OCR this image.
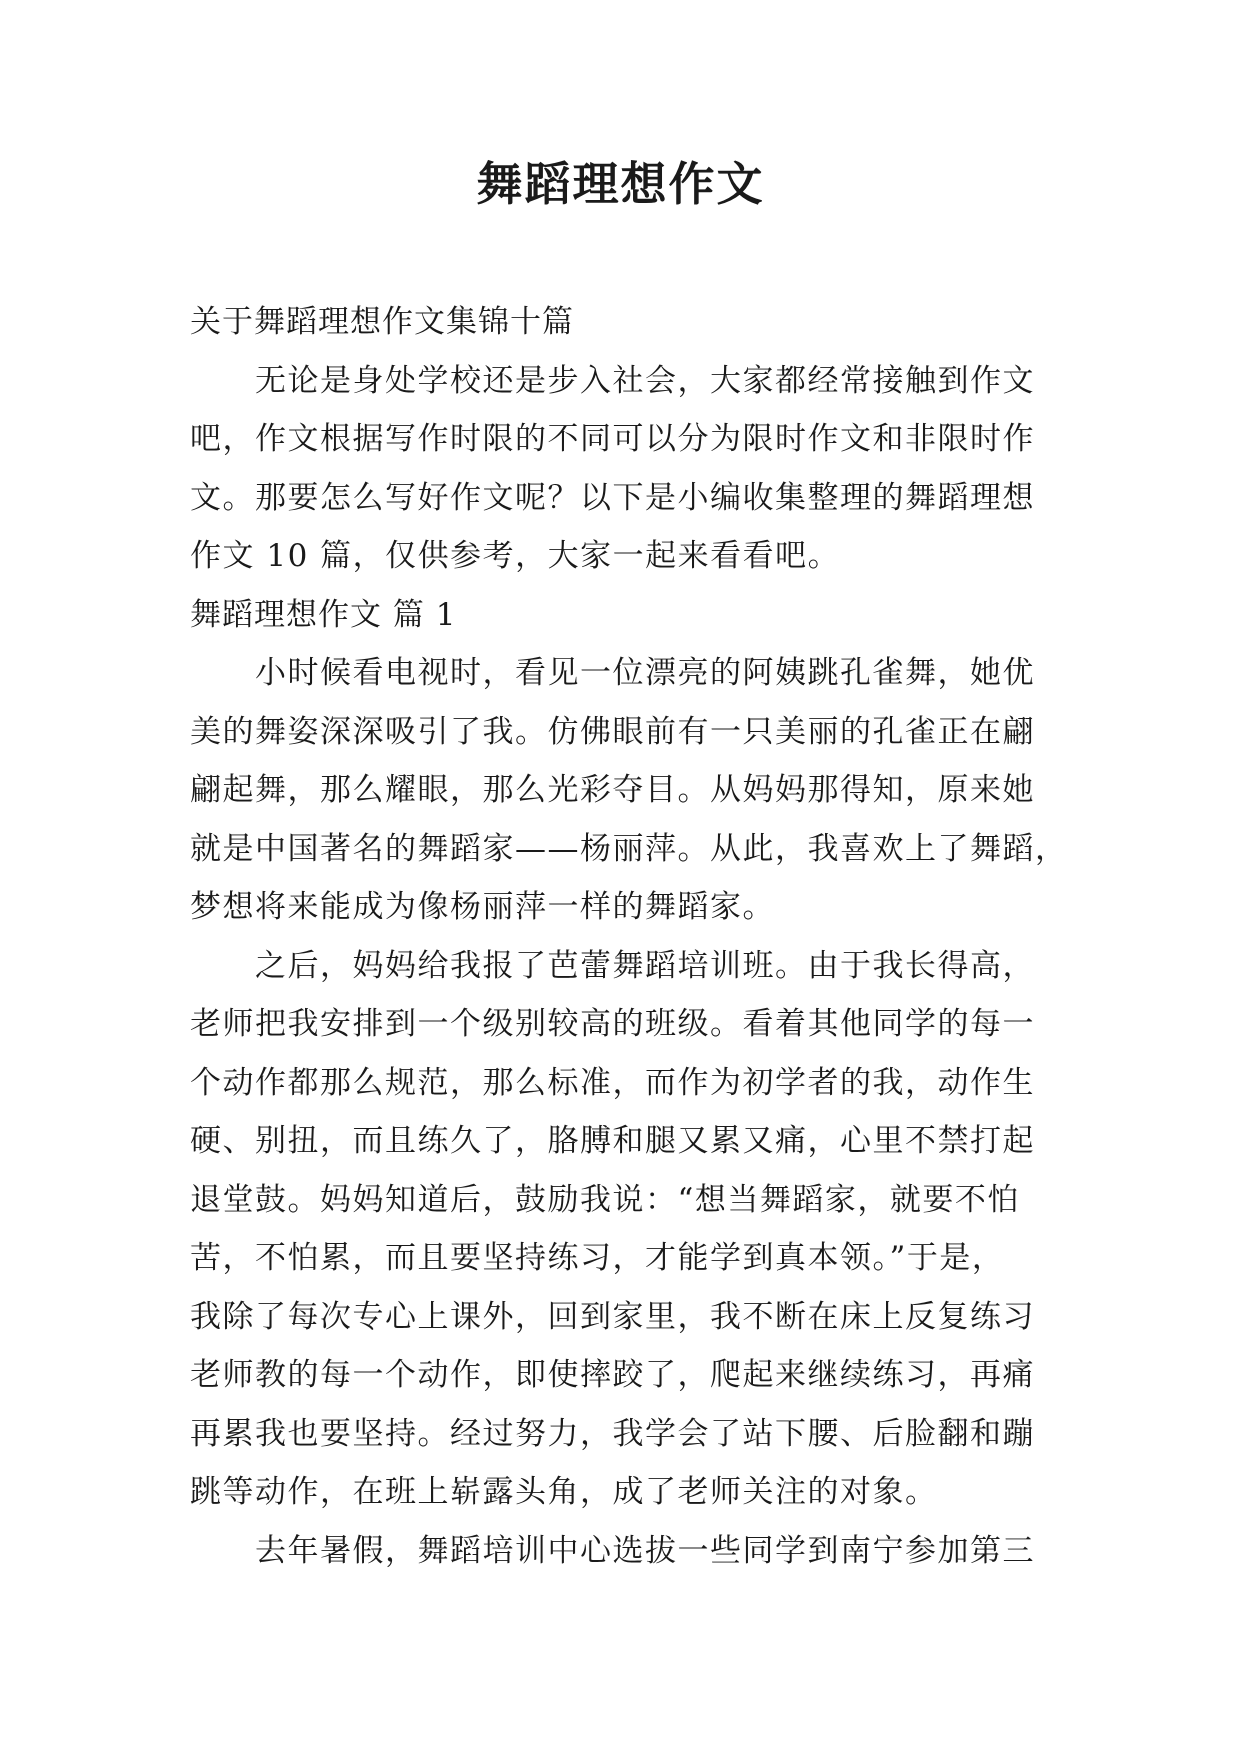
舞蹈理想作文
关于舞蹈理想作文集锦十篇
　　无论是身处学校还是步入社会，大家都经常接触到作文
吧，作文根据写作时限的不同可以分为限时作文和非限时作
文。那要怎么写好作文呢？以下是小编收集整理的舞蹈理想
作文 10 篇，仅供参考，大家一起来看看吧。
舞蹈理想作文 篇 1
　　小时候看电视时，看见一位漂亮的阿姨跳孔雀舞，她优
美的舞姿深深吸引了我。仿佛眼前有一只美丽的孔雀正在翩
翩起舞，那么耀眼，那么光彩夺目。从妈妈那得知，原来她
就是中国著名的舞蹈家——杨丽萍。从此，我喜欢上了舞蹈，
梦想将来能成为像杨丽萍一样的舞蹈家。
　　之后，妈妈给我报了芭蕾舞蹈培训班。由于我长得高，
老师把我安排到一个级别较高的班级。看着其他同学的每一
个动作都那么规范，那么标准，而作为初学者的我，动作生
硬、别扭，而且练久了，胳膊和腿又累又痛，心里不禁打起
退堂鼓。妈妈知道后，鼓励我说：“想当舞蹈家，就要不怕
苦，不怕累，而且要坚持练习，才能学到真本领。”于是，
我除了每次专心上课外，回到家里，我不断在床上反复练习
老师教的每一个动作，即使摔跤了，爬起来继续练习，再痛
再累我也要坚持。经过努力，我学会了站下腰、后脸翻和蹦
跳等动作，在班上崭露头角，成了老师关注的对象。
　　去年暑假，舞蹈培训中心选拔一些同学到南宁参加第三
